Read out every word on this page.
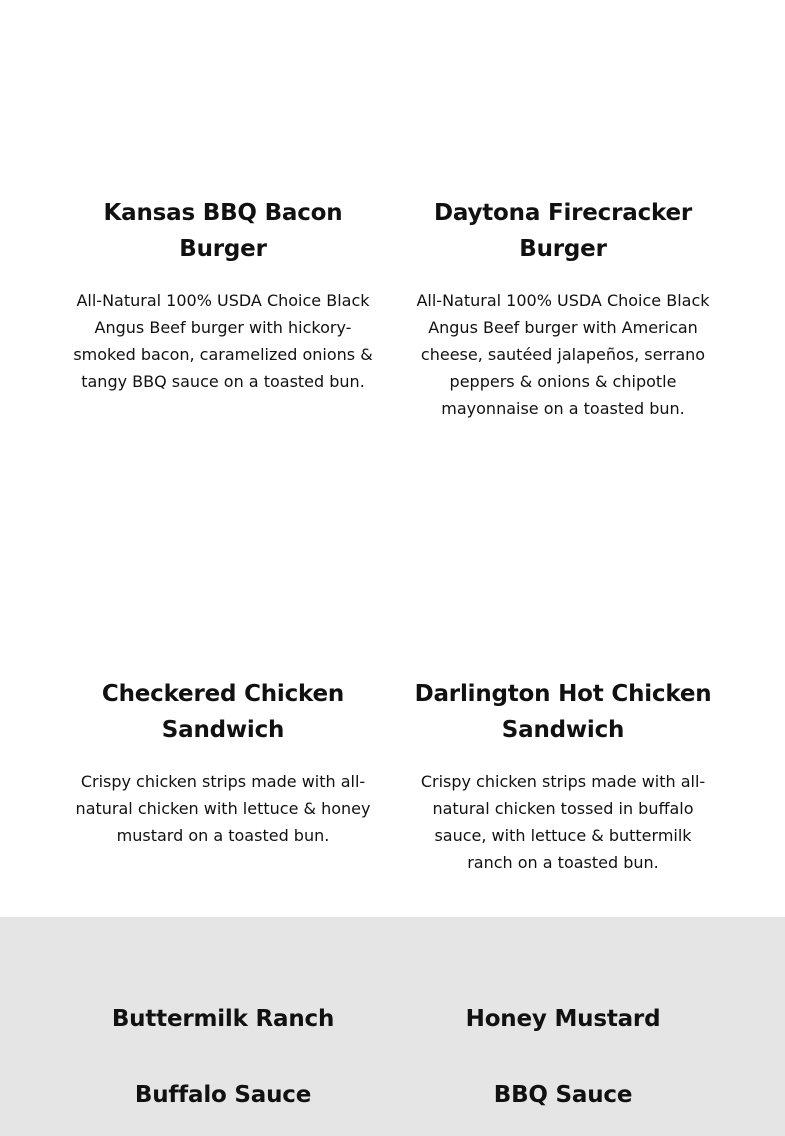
Kansas BBQ Bacon Burger

All-Natural 100% USDA Choice Black Angus Beef burger with hickory-smoked bacon, caramelized onions & tangy BBQ sauce on a toasted bun.

Daytona Firecracker Burger

All-Natural 100% USDA Choice Black Angus Beef burger with American cheese, sautéed jalapeños, serrano peppers & onions & chipotle mayonnaise on a toasted bun.

Checkered Chicken Sandwich

Crispy chicken strips made with all-natural chicken with lettuce & honey mustard on a toasted bun.

Darlington Hot Chicken Sandwich

Crispy chicken strips made with all-natural chicken tossed in buffalo sauce, with lettuce & buttermilk ranch on a toasted bun.

Buttermilk Ranch	Honey Mustard
Buffalo Sauce	BBQ Sauce
